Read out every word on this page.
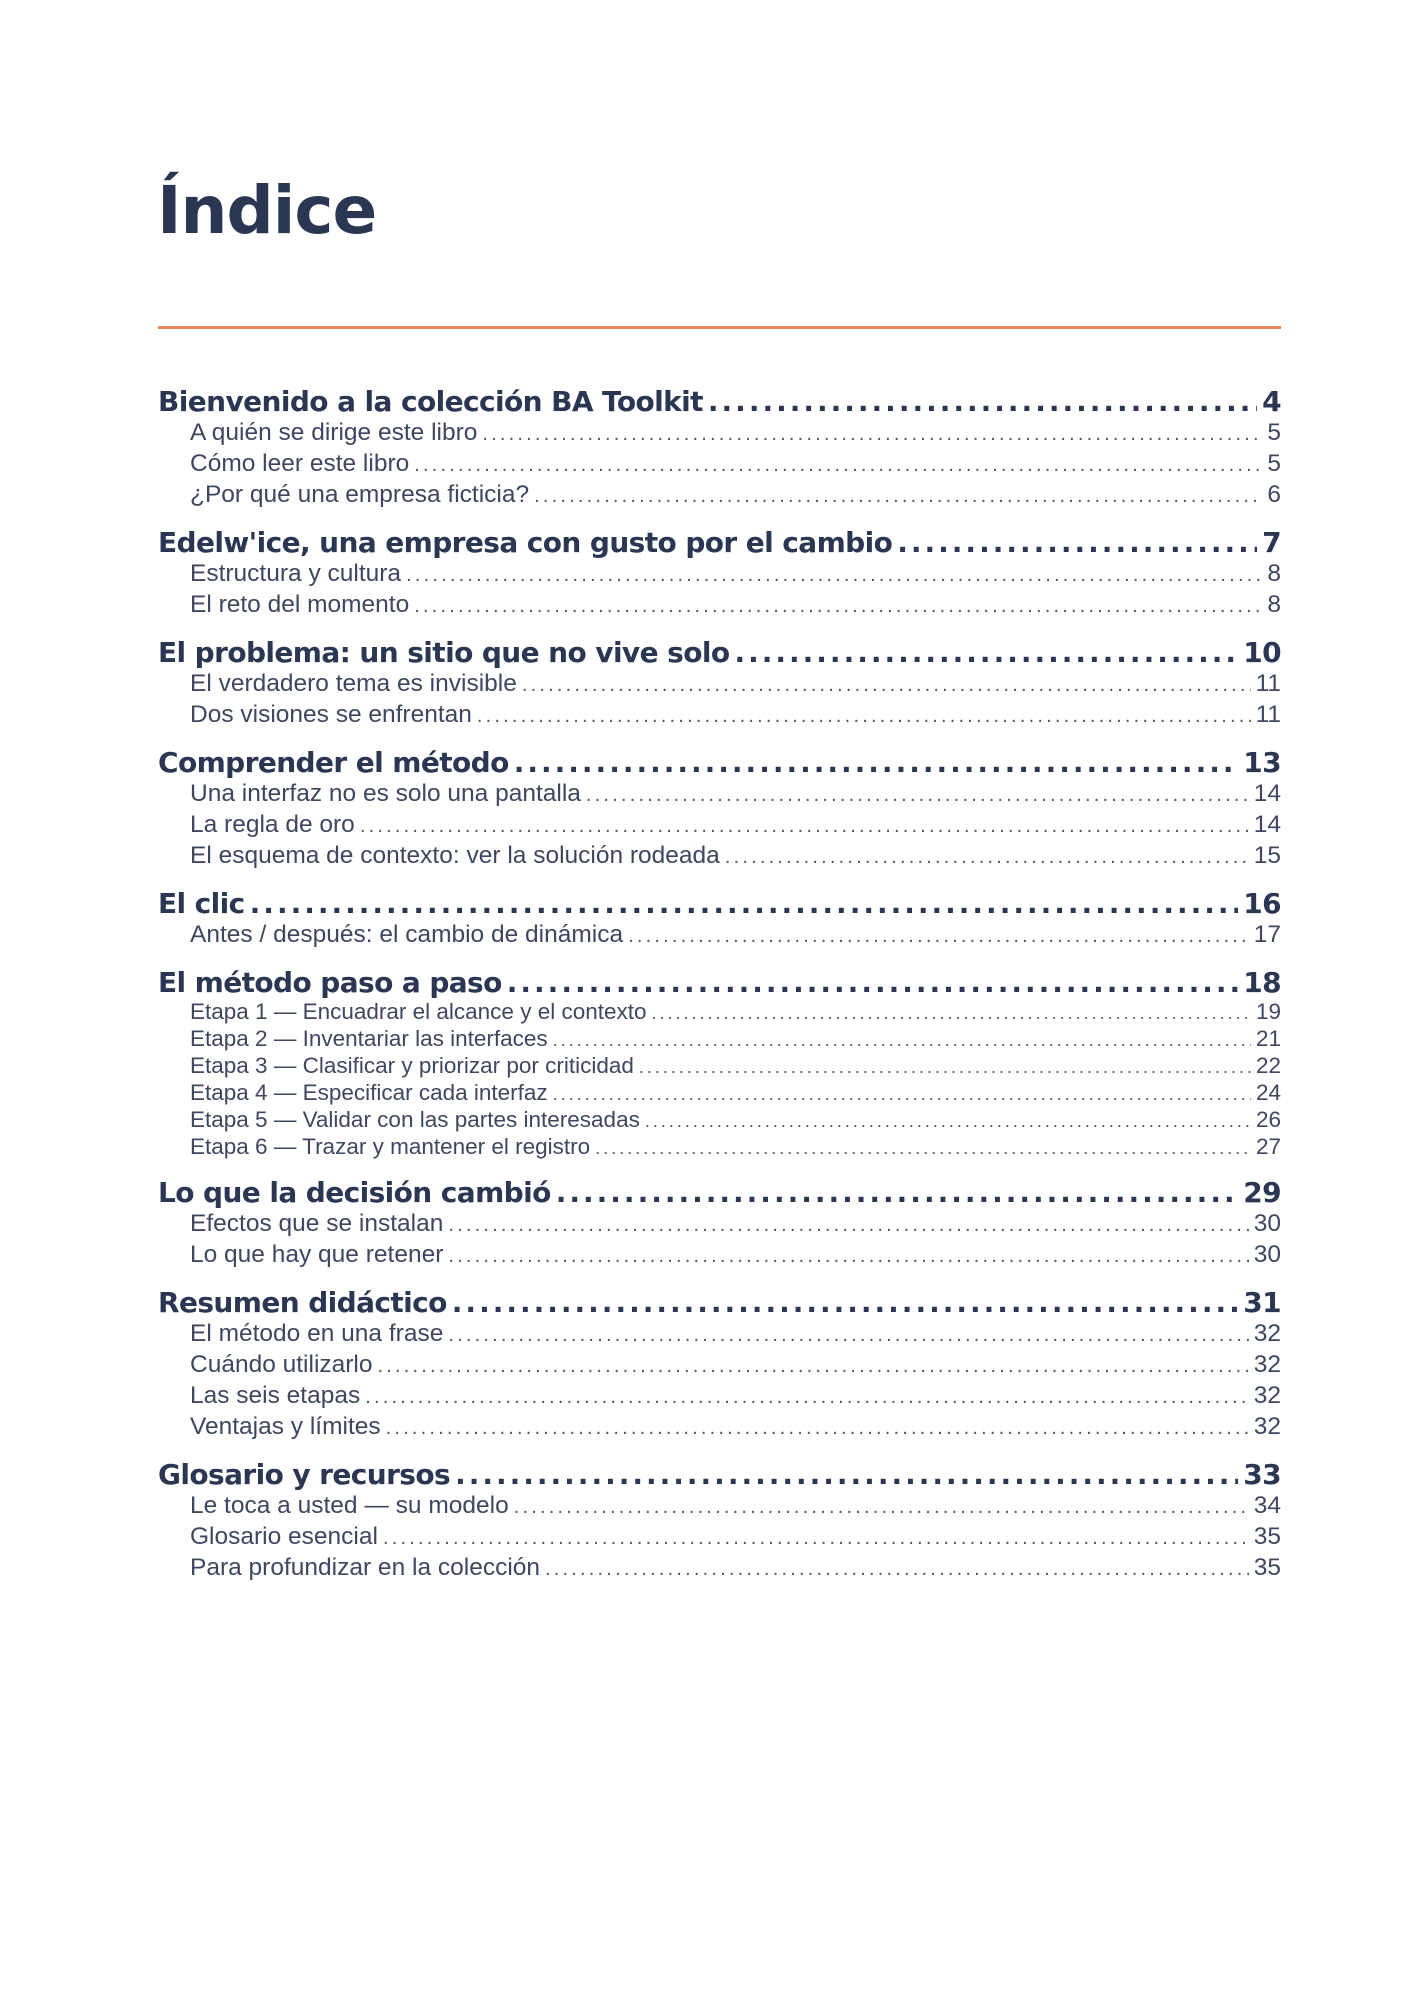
Índice
Bienvenido a la colección BA Toolkit .....	4
A quién se dirige este libro .....	5
Cómo leer este libro .....	5
¿Por qué una empresa ficticia? .....	6
Edelw'ice, una empresa con gusto por el cambio .....	7
Estructura y cultura .....	8
El reto del momento .....	8
El problema: un sitio que no vive solo .....	10
El verdadero tema es invisible .....	11
Dos visiones se enfrentan .....	11
Comprender el método .....	13
Una interfaz no es solo una pantalla .....	14
La regla de oro .....	14
El esquema de contexto: ver la solución rodeada .....	15
El clic .....	16
Antes / después: el cambio de dinámica .....	17
El método paso a paso .....	18
Etapa 1 — Encuadrar el alcance y el contexto .....	19
Etapa 2 — Inventariar las interfaces .....	21
Etapa 3 — Clasificar y priorizar por criticidad .....	22
Etapa 4 — Especificar cada interfaz .....	24
Etapa 5 — Validar con las partes interesadas .....	26
Etapa 6 — Trazar y mantener el registro .....	27
Lo que la decisión cambió .....	29
Efectos que se instalan .....	30
Lo que hay que retener .....	30
Resumen didáctico .....	31
El método en una frase .....	32
Cuándo utilizarlo .....	32
Las seis etapas .....	32
Ventajas y límites .....	32
Glosario y recursos .....	33
Le toca a usted — su modelo .....	34
Glosario esencial .....	35
Para profundizar en la colección .....	35
